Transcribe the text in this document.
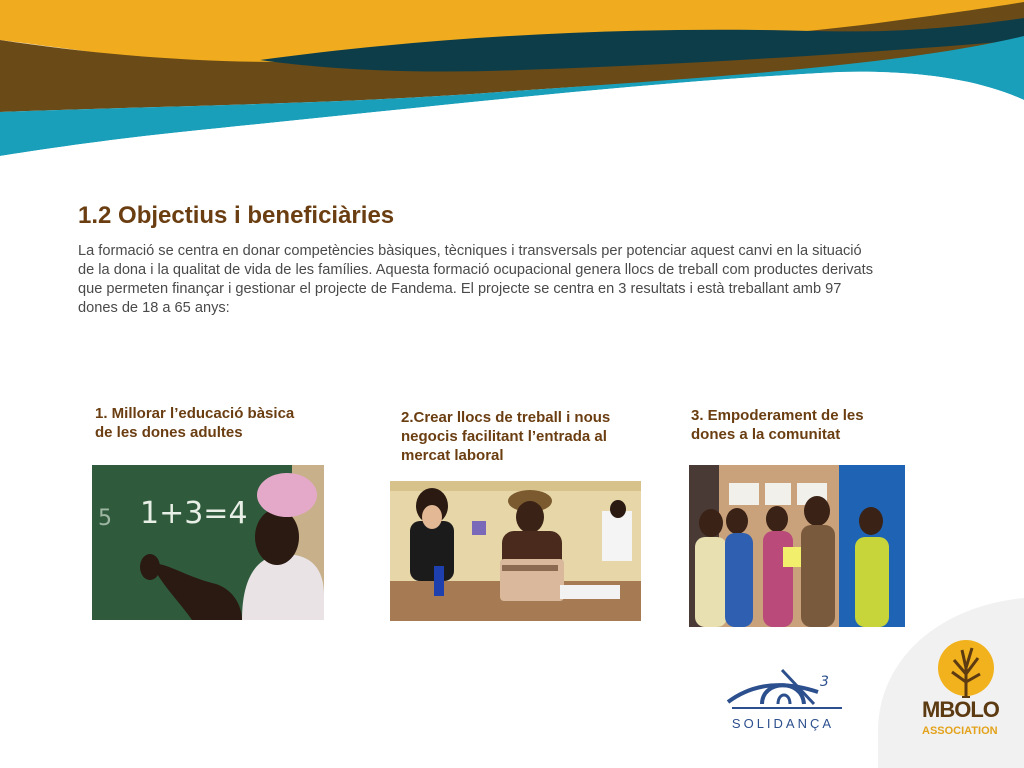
1.2 Objectius i beneficiàries

La formació se centra en donar competències bàsiques, tècniques i transversals per potenciar aquest canvi en la situació de la dona i la qualitat de vida de les famílies. Aquesta formació ocupacional genera llocs de treball com productes derivats que permeten finançar i gestionar el projecte de Fandema. El projecte se centra en 3 resultats i està treballant amb 97 dones de 18 a 65 anys:

1. Millorar l’educació bàsica de les dones adultes

1+3=4
5

2.Crear llocs de treball i nous negocis facilitant l’entrada al mercat laboral

3. Empoderament de les dones a la comunitat

3
SOLIDANÇA
MBOLO
ASSOCIATION
